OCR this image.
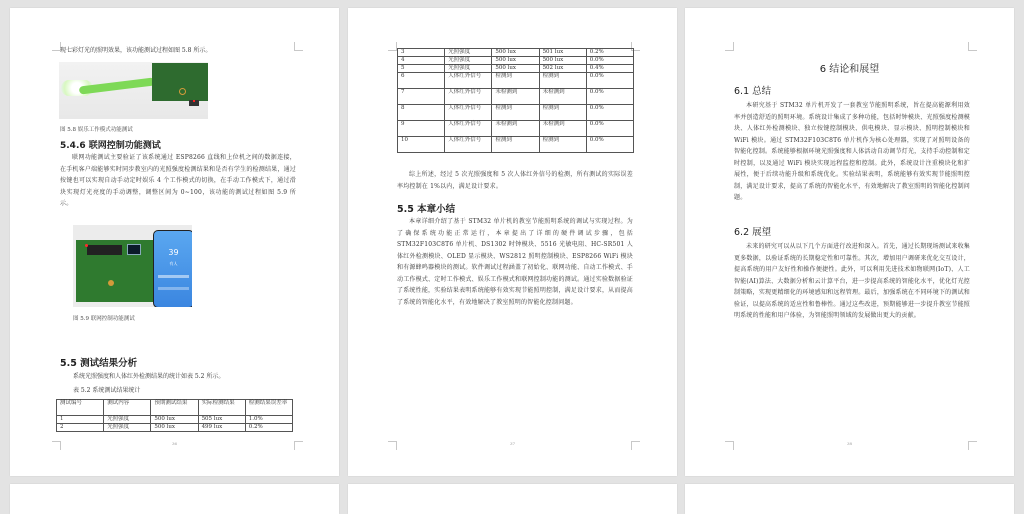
现七彩灯光的照明效果，该功能测试过程如图 5.8 所示。
图 5.8 娱乐工作模式功能测试
5.4.6 联网控制功能测试
联网功能测试主要验证了该系统通过 ESP8266 直线和上位机之间的数据连接，在手机客户端能够实时同步教室内的光照强度检测结果和是否有学生的检测结果，通过按键也可以实现自动手动定时娱乐 4 个工作模式的切换，在手动工作模式下，通过滑块实现灯光亮度的手动调整，调整区间为 0~100，该功能的测试过程如图 5.9 所示。
39
有人
图 5.9 联网控制功能测试
5.5 测试结果分析
系统光照强度和人体红外检测结果的统计如表 5.2 所示。
表 5.2 系统测试结果统计
测试编号	测试内容	预期测试结果	实际检测结果	检测结果误差率
1	光照强度	500 lux	505 lux	1.0%
2	光照强度	500 lux	499 lux	0.2%
36
3	光照强度	500 lux	501 lux	0.2%
4	光照强度	500 lux	500 lux	0.0%
5	光照强度	500 lux	502 lux	0.4%
6	人体红外信号	检测到	检测到	0.0%
7	人体红外信号	未检测到	未检测到	0.0%
8	人体红外信号	检测到	检测到	0.0%
9	人体红外信号	未检测到	未检测到	0.0%
10	人体红外信号	检测到	检测到	0.0%
综上所述，经过 5 次光照强度和 5 次人体红外信号的检测，所有测试的实际误差率均控制在 1%以内，满足设计要求。
5.5 本章小结
本章详细介绍了基于 STM32 单片机的教室节能照明系统的调试与实现过程。为了确保系统功能正常运行，本章提出了详细的硬件调试步骤，包括 STM32F103C8T6 单片机、DS1302 时钟模块、5516 光敏电阻、HC-SR501 人体红外检测模块、OLED 显示模块、WS2812 照明控制模块、ESP8266 WiFi 模块和有源蜂鸣器模块的测试。软件调试过程涵盖了初始化、联网功能、自动工作模式、手动工作模式、定时工作模式、娱乐工作模式和联网控制功能的测试。通过实验数据验证了系统性能，实验结果表明系统能够有效实现节能照明控制，满足设计要求，从而提高了系统的智能化水平，有效地解决了教室照明的智能化控制问题。
37
6 结论和展望
6.1 总结
本研究基于 STM32 单片机开发了一套教室节能照明系统，旨在提高能源利用效率并创造舒适的照明环境。系统设计集成了多种功能，包括时钟模块、光照强度检测模块、人体红外检测模块、独立按键控制模块、供电模块、显示模块、照明控制模块和 WiFi 模块。通过 STM32F103C8T6 单片机作为核心处理器，实现了对照明设备的智能化控制。系统能够根据环境光照强度和人体活动自动调节灯光，支持手动控制和定时控制，以及通过 WiFi 模块实现远程监控和控制。此外，系统设计注重模块化和扩展性，便于后续功能升级和系统优化。实验结果表明，系统能够有效实现节能照明控制，满足设计要求，提高了系统的智能化水平，有效地解决了教室照明的智能化控制问题。
6.2 展望
未来的研究可以从以下几个方面进行改进和深入。首先，通过长期现场测试来收集更多数据，以验证系统的长期稳定性和可靠性。其次，增加用户调研来优化交互设计，提高系统的用户友好性和操作便捷性。此外，可以利用先进技术如物联网(IoT)、人工智能(AI)算法、大数据分析和云计算平台，进一步提高系统的智能化水平，优化灯光控制策略，实现更精细化的环境感知和远程管理。最后，加强系统在不同环境下的测试和验证，以提高系统的适应性和鲁棒性。通过这些改进，预期能够进一步提升教室节能照明系统的性能和用户体验，为智能照明领域的发展做出更大的贡献。
38
